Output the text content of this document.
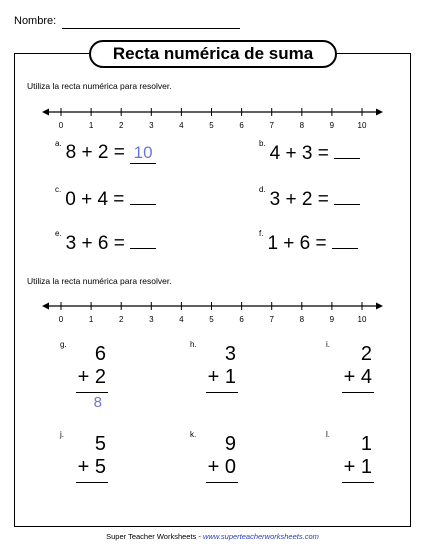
Nombre:
Recta numérica de suma
Utiliza la recta numérica para resolver.
0	1	2	3	4	5	6	7	8	9	10
$^{a.}$ 8 + 2 = 10	$^{b.}$ 4 + 3 =
$^{c.}$ 0 + 4 =	$^{d.}$ 3 + 2 =
$^{e.}$ 3 + 6 =	$^{f.}$ 1 + 6 =
Utiliza la recta numérica para resolver.
0	1	2	3	4	5	6	7	8	9	10
g. 6
+ 2
8
h. 3
+ 1
i. 2
+ 4
j. 5
+ 5
k. 9
+ 0
l. 1
+ 1
Super Teacher Worksheets - www.superteacherworksheets.com
